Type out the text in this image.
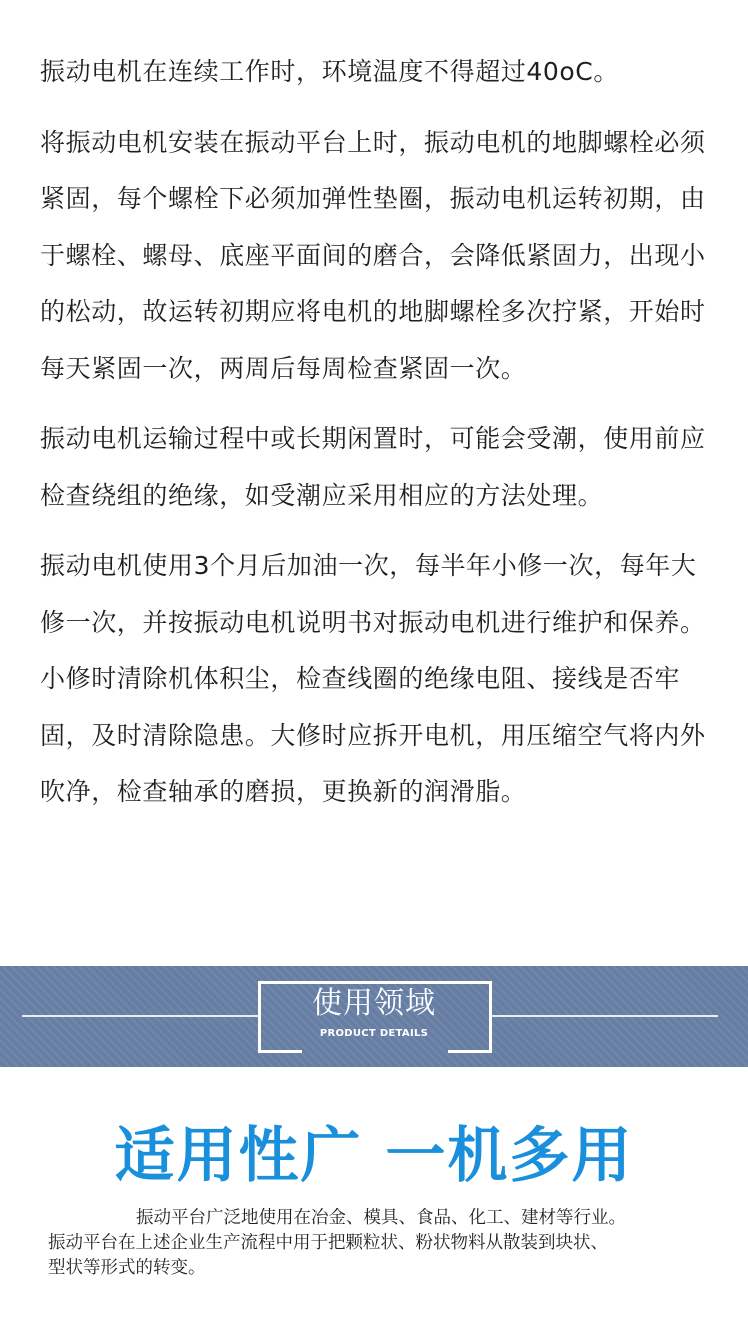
振动电机在连续工作时，环境温度不得超过40oC。

将振动电机安装在振动平台上时，振动电机的地脚螺栓必须紧固，每个螺栓下必须加弹性垫圈，振动电机运转初期，由于螺栓、螺母、底座平面间的磨合，会降低紧固力，出现小的松动，故运转初期应将电机的地脚螺栓多次拧紧，开始时每天紧固一次，两周后每周检查紧固一次。

振动电机运输过程中或长期闲置时，可能会受潮，使用前应检查绕组的绝缘，如受潮应采用相应的方法处理。

振动电机使用3个月后加油一次，每半年小修一次，每年大修一次，并按振动电机说明书对振动电机进行维护和保养。小修时清除机体积尘，检查线圈的绝缘电阻、接线是否牢固，及时清除隐患。大修时应拆开电机，用压缩空气将内外吹净，检查轴承的磨损，更换新的润滑脂。

使用领域
PRODUCT DETAILS
适用性广 一机多用
振动平台广泛地使用在冶金、模具、食品、化工、建材等行业。
振动平台在上述企业生产流程中用于把颗粒状、粉状物料从散装到块状、
型状等形式的转变。
